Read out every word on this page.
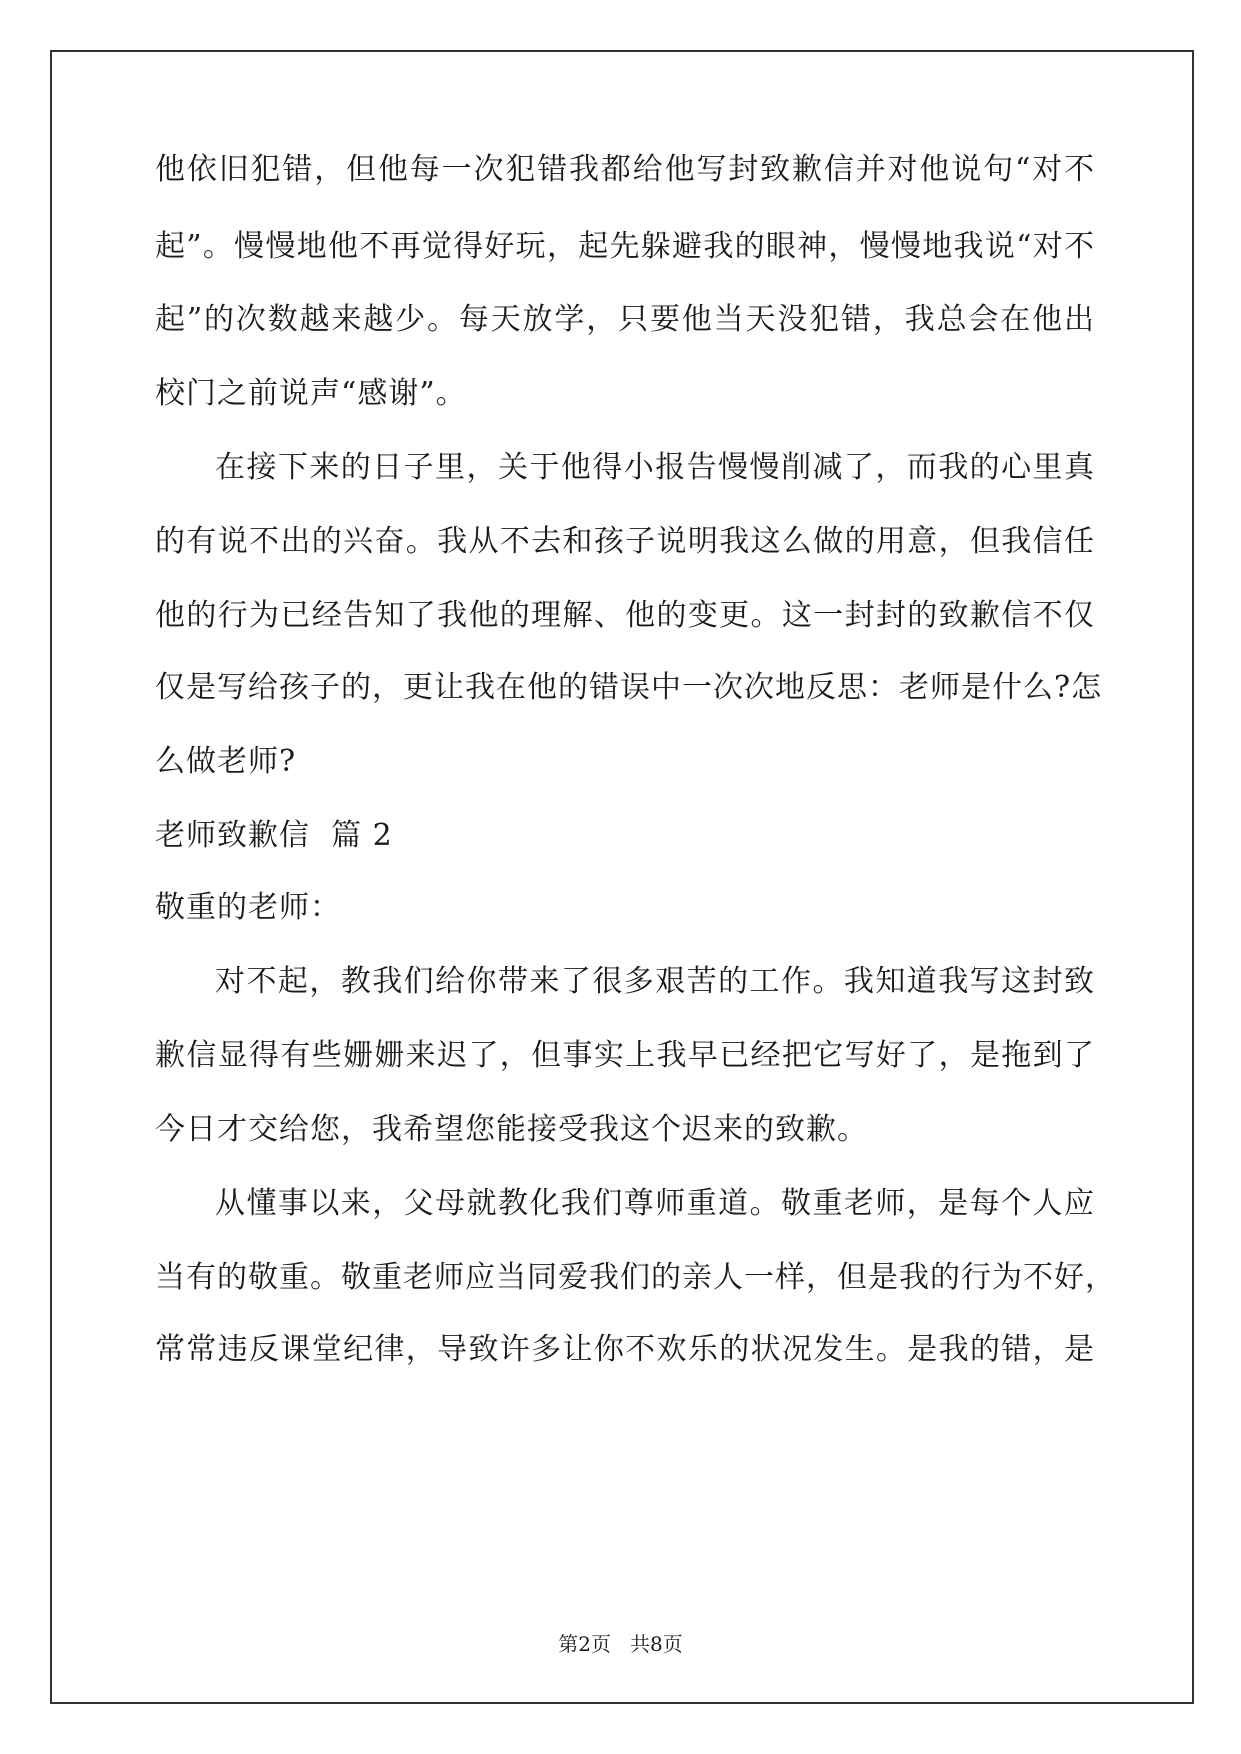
他依旧犯错，但他每一次犯错我都给他写封致歉信并对他说句“对不
起”。慢慢地他不再觉得好玩，起先躲避我的眼神，慢慢地我说“对不
起”的次数越来越少。每天放学，只要他当天没犯错，我总会在他出
校门之前说声“感谢”。
在接下来的日子里，关于他得小报告慢慢削减了，而我的心里真
的有说不出的兴奋。我从不去和孩子说明我这么做的用意，但我信任
他的行为已经告知了我他的理解、他的变更。这一封封的致歉信不仅
仅是写给孩子的，更让我在他的错误中一次次地反思：老师是什么?怎
么做老师?
老师致歉信  篇 2
敬重的老师：
对不起，教我们给你带来了很多艰苦的工作。我知道我写这封致
歉信显得有些姗姗来迟了，但事实上我早已经把它写好了，是拖到了
今日才交给您，我希望您能接受我这个迟来的致歉。
从懂事以来，父母就教化我们尊师重道。敬重老师，是每个人应
当有的敬重。敬重老师应当同爱我们的亲人一样，但是我的行为不好，
常常违反课堂纪律，导致许多让你不欢乐的状况发生。是我的错，是
第2页   共8页
